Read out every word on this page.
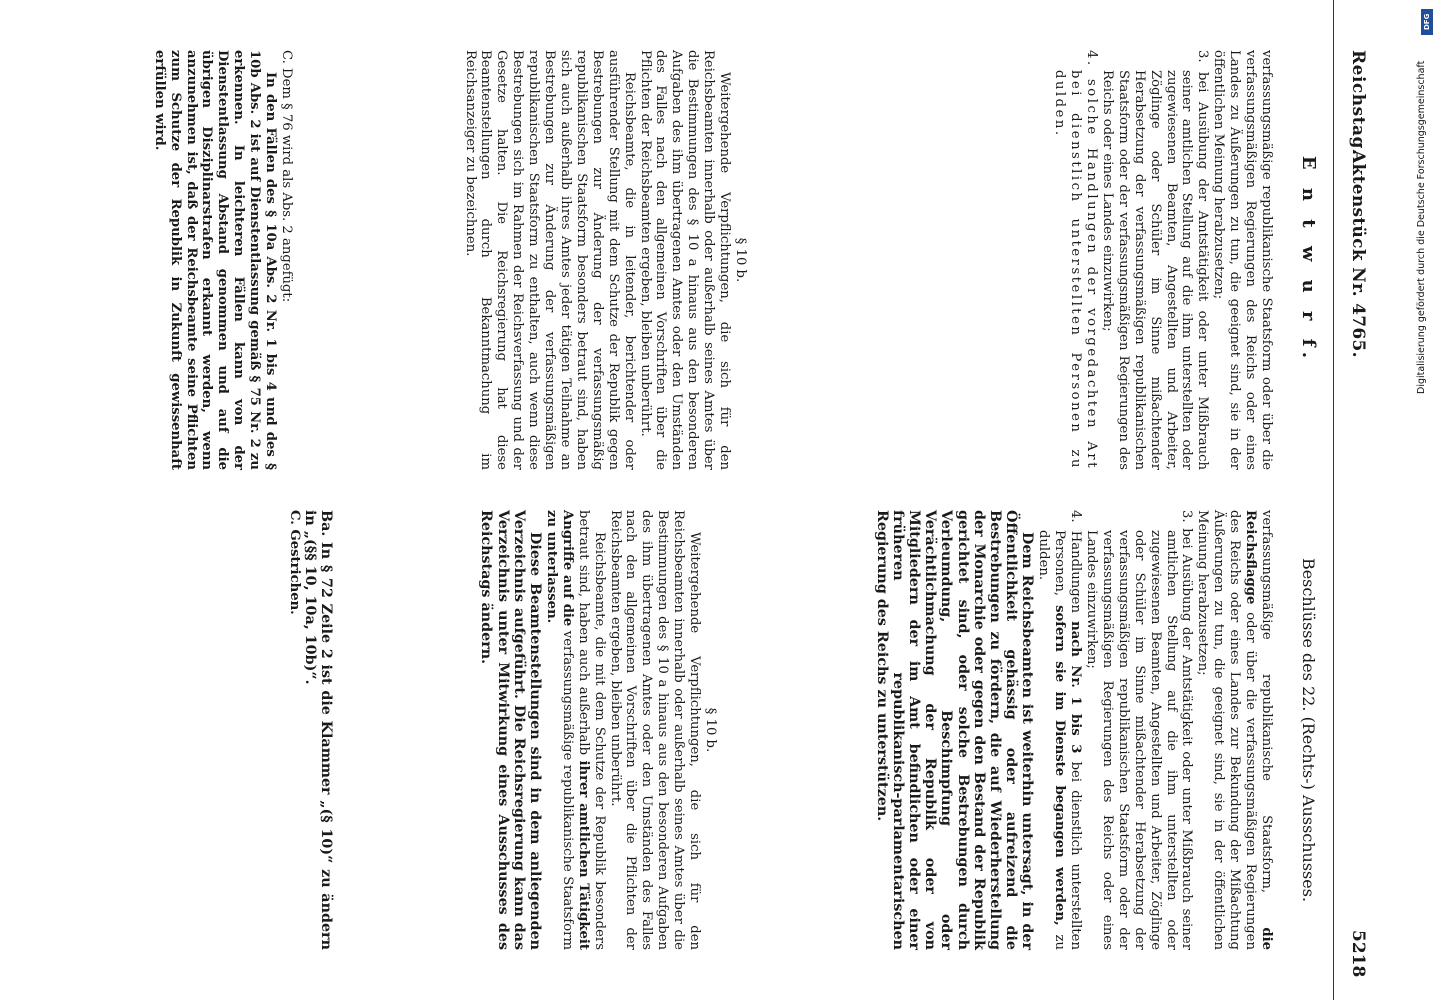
Reichstag.
Aktenstück Nr. 4765.
5218
E n t w u r f.

verfassungsmäßige republikanische Staatsform oder über die verfassungsmäßigen Regierungen des Reichs oder eines Landes zu Äußerungen zu tun, die geeignet sind, sie in der öffentlichen Meinung herabzusetzen;

3. bei Ausübung der Amtstätigkeit oder unter Mißbrauch seiner amtlichen Stellung auf die ihm unterstellten oder zugewiesenen Beamten, Angestellten und Arbeiter, Zöglinge oder Schüler im Sinne mißachtender Herabsetzung der verfassungsmäßigen republikanischen Staatsform oder der verfassungsmäßigen Regierungen des Reichs oder eines Landes einzuwirken;

4. solche Handlungen der vorgedachten Art bei dienstlich unterstellten Personen zu dulden.

§ 10 b.

Weitergehende Verpflichtungen, die sich für den Reichsbeamten innerhalb oder außerhalb seines Amtes über die Bestimmungen des § 10 a hinaus aus den besonderen Aufgaben des ihm übertragenen Amtes oder den Umständen des Falles nach den allgemeinen Vorschriften über die Pflichten der Reichsbeamten ergeben, bleiben unberührt.

Reichsbeamte, die in leitender, berichtender oder ausführender Stellung mit dem Schutze der Republik gegen Bestrebungen zur Änderung der verfassungsmäßig republikanischen Staatsform besonders betraut sind, haben sich auch außerhalb ihres Amtes jeder tätigen Teilnahme an Bestrebungen zur Änderung der verfassungsmäßigen republikanischen Staatsform zu enthalten, auch wenn diese Bestrebungen sich im Rahmen der Reichsverfassung und der Gesetze halten. Die Reichsregierung hat diese Beamtenstellungen durch Bekanntmachung im Reichsanzeiger zu bezeichnen.

C. Dem § 76 wird als Abs. 2 angefügt:

In den Fällen des § 10a Abs. 2 Nr. 1 bis 4 und des § 10b Abs. 2 ist auf Dienstentlassung gemäß § 75 Nr. 2 zu erkennen. In leichteren Fällen kann von der Dienstentlassung Abstand genommen und auf die übrigen Disziplinarstrafen erkannt werden, wenn anzunehmen ist, daß der Reichsbeamte seine Pflichten zum Schutze der Republik in Zukunft gewissenhaft erfüllen wird.

Beschlüsse des 22. (Rechts-) Ausschusses.

verfassungsmäßige republikanische Staatsform, die Reichsflagge oder über die verfassungsmäßigen Regierungen des Reichs oder eines Landes zur Bekundung der Mißachtung Äußerungen zu tun, die geeignet sind, sie in der öffentlichen Meinung herabzusetzen;

3. bei Ausübung der Amtstätigkeit oder unter Mißbrauch seiner amtlichen Stellung auf die ihm unterstellten oder zugewiesenen Beamten, Angestellten und Arbeiter, Zöglinge oder Schüler im Sinne mißachtender Herabsetzung der verfassungsmäßigen republikanischen Staatsform oder der verfassungsmäßigen Regierungen des Reichs oder eines Landes einzuwirken;

4. Handlungen nach Nr. 1 bis 3 bei dienstlich unterstellten Personen, sofern sie im Dienste begangen werden, zu dulden.

Dem Reichsbeamten ist weiterhin untersagt, in der Öffentlichkeit gehässig oder aufreizend die Bestrebungen zu fördern, die auf Wiederherstellung der Monarchie oder gegen den Bestand der Republik gerichtet sind, oder solche Bestrebungen durch Verleumdung, Beschimpfung oder Verächtlichmachung der Republik oder von Mitgliedern der im Amt befindlichen oder einer früheren republikanisch-parlamentarischen Regierung des Reichs zu unterstützen.

§ 10 b.

Weitergehende Verpflichtungen, die sich für den Reichsbeamten innerhalb oder außerhalb seines Amtes über die Bestimmungen des § 10 a hinaus aus den besonderen Aufgaben des ihm übertragenen Amtes oder den Umständen des Falles nach den allgemeinen Vorschriften über die Pflichten der Reichsbeamten ergeben, bleiben unberührt.

Reichsbeamte, die mit dem Schutze der Republik besonders betraut sind, haben auch außerhalb ihrer amtlichen Tätigkeit Angriffe auf die verfassungsmäßige republikanische Staatsform zu unterlassen.

Diese Beamtenstellungen sind in dem anliegenden Verzeichnis aufgeführt. Die Reichsregierung kann das Verzeichnis unter Mitwirkung eines Ausschusses des Reichstags ändern.

Ba. In § 72 Zeile 2 ist die Klammer „(§ 10)“ zu ändern in „(§§ 10, 10a, 10b)“.

C. Gestrichen.

DFG
Digitalisierung gefördert durch die Deutsche Forschungsgemeinschaft
